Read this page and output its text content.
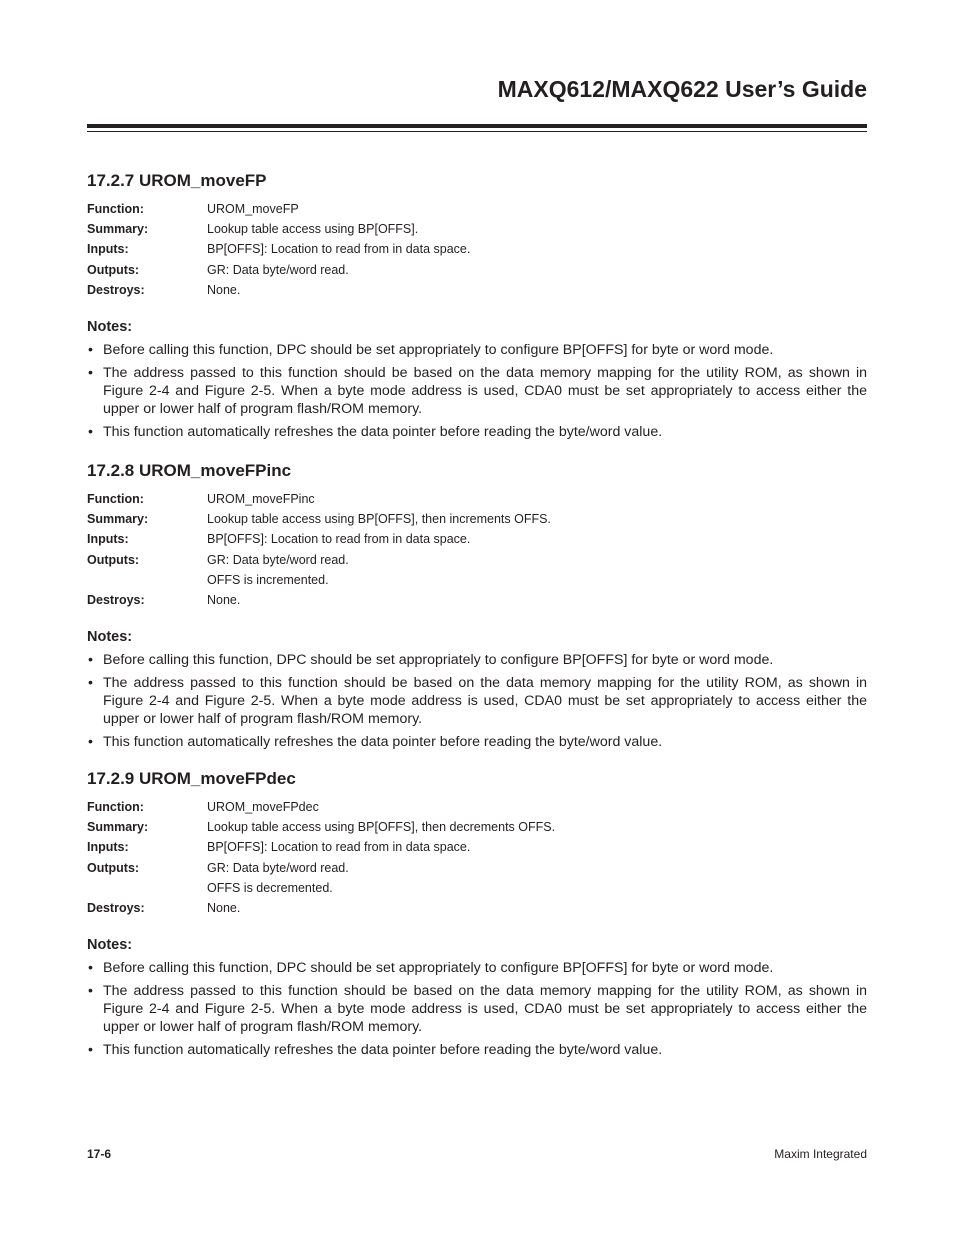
MAXQ612/MAXQ622 User’s Guide
17.2.7 UROM_moveFP
Function:	UROM_moveFP
Summary:	Lookup table access using BP[OFFS].
Inputs:	BP[OFFS]: Location to read from in data space.
Outputs:	GR: Data byte/word read.
Destroys:	None.
Notes:
• Before calling this function, DPC should be set appropriately to configure BP[OFFS] for byte or word mode.
• The address passed to this function should be based on the data memory mapping for the utility ROM, as shown in Figure 2-4 and Figure 2-5. When a byte mode address is used, CDA0 must be set appropriately to access either the upper or lower half of program flash/ROM memory.
• This function automatically refreshes the data pointer before reading the byte/word value.
17.2.8 UROM_moveFPinc
Function:	UROM_moveFPinc
Summary:	Lookup table access using BP[OFFS], then increments OFFS.
Inputs:	BP[OFFS]: Location to read from in data space.
Outputs:	GR: Data byte/word read.
OFFS is incremented.
Destroys:	None.
Notes:
• Before calling this function, DPC should be set appropriately to configure BP[OFFS] for byte or word mode.
• The address passed to this function should be based on the data memory mapping for the utility ROM, as shown in Figure 2-4 and Figure 2-5. When a byte mode address is used, CDA0 must be set appropriately to access either the upper or lower half of program flash/ROM memory.
• This function automatically refreshes the data pointer before reading the byte/word value.
17.2.9 UROM_moveFPdec
Function:	UROM_moveFPdec
Summary:	Lookup table access using BP[OFFS], then decrements OFFS.
Inputs:	BP[OFFS]: Location to read from in data space.
Outputs:	GR: Data byte/word read.
OFFS is decremented.
Destroys:	None.
Notes:
• Before calling this function, DPC should be set appropriately to configure BP[OFFS] for byte or word mode.
• The address passed to this function should be based on the data memory mapping for the utility ROM, as shown in Figure 2-4 and Figure 2-5. When a byte mode address is used, CDA0 must be set appropriately to access either the upper or lower half of program flash/ROM memory.
• This function automatically refreshes the data pointer before reading the byte/word value.
17-6	Maxim Integrated
